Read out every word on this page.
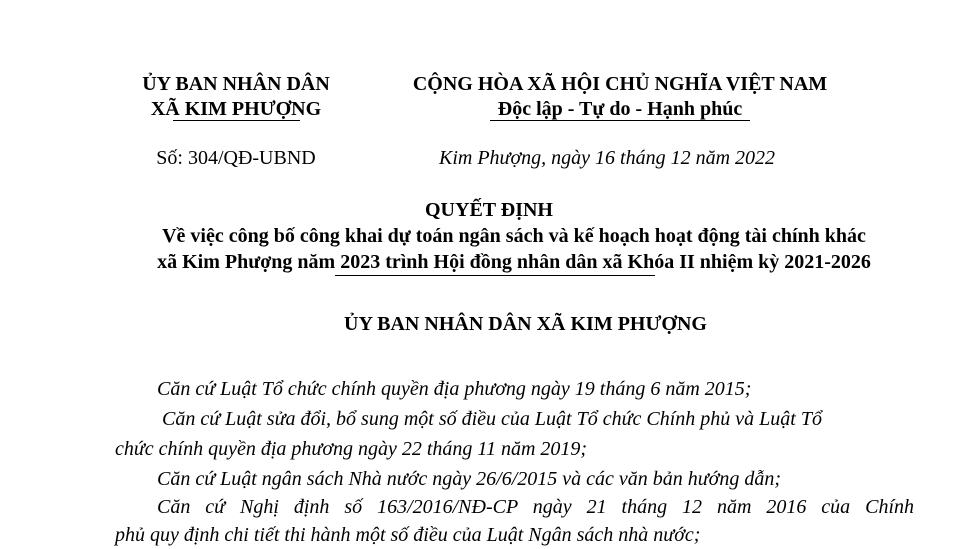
ỦY BAN NHÂN DÂN
XÃ KIM PHƯỢNG
CỘNG HÒA XÃ HỘI CHỦ NGHĨA VIỆT NAM
Độc lập - Tự do - Hạnh phúc
Số: 304/QĐ-UBND	Kim Phượng, ngày 16 tháng 12 năm 2022
QUYẾT ĐỊNH
Về việc công bố công khai dự toán ngân sách và kế hoạch hoạt động tài chính khác
xã Kim Phượng năm 2023 trình Hội đồng nhân dân xã Khóa II nhiệm kỳ 2021-2026
ỦY BAN NHÂN DÂN XÃ KIM PHƯỢNG
Căn cứ Luật Tổ chức chính quyền địa phương ngày 19 tháng 6 năm 2015;
Căn cứ Luật sửa đổi, bổ sung một số điều của Luật Tổ chức Chính phủ và Luật Tổ
chức chính quyền địa phương ngày 22 tháng 11 năm 2019;
Căn cứ Luật ngân sách Nhà nước ngày 26/6/2015 và các văn bản hướng dẫn;
Căn cứ Nghị định số 163/2016/NĐ-CP ngày 21 tháng 12 năm 2016 của Chính
phủ quy định chi tiết thi hành một số điều của Luật Ngân sách nhà nước;
